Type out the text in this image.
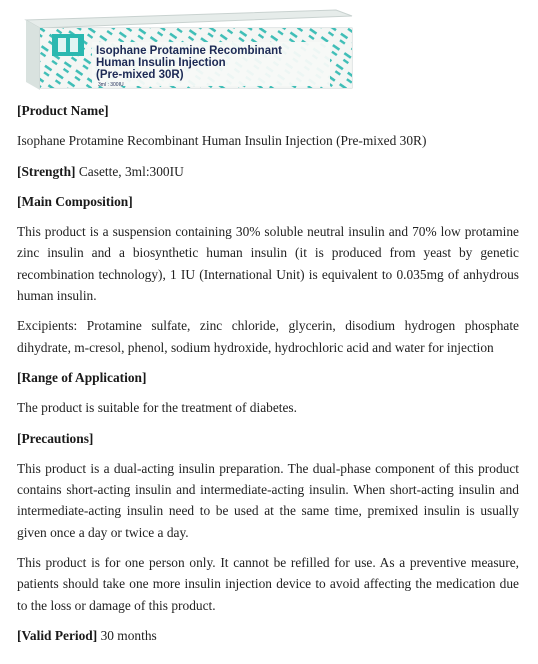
Isophane Protamine Recombinant
Human Insulin Injection
(Pre-mixed 30R)
3ml : 300IU

[Product Name]

Isophane Protamine Recombinant Human Insulin Injection (Pre-mixed 30R)

[Strength] Casette, 3ml:300IU

[Main Composition]

This product is a suspension containing 30% soluble neutral insulin and 70% low protamine zinc insulin and a biosynthetic human insulin (it is produced from yeast by genetic recombination technology), 1 IU (International Unit) is equivalent to 0.035mg of anhydrous human insulin.

Excipients: Protamine sulfate, zinc chloride, glycerin, disodium hydrogen phosphate dihydrate, m-cresol, phenol, sodium hydroxide, hydrochloric acid and water for injection

[Range of Application]

The product is suitable for the treatment of diabetes.

[Precautions]

This product is a dual-acting insulin preparation. The dual-phase component of this product contains short-acting insulin and intermediate-acting insulin. When short-acting insulin and intermediate-acting insulin need to be used at the same time, premixed insulin is usually given once a day or twice a day.

This product is for one person only. It cannot be refilled for use. As a preventive measure, patients should take one more insulin injection device to avoid affecting the medication due to the loss or damage of this product.

[Valid Period] 30 months
